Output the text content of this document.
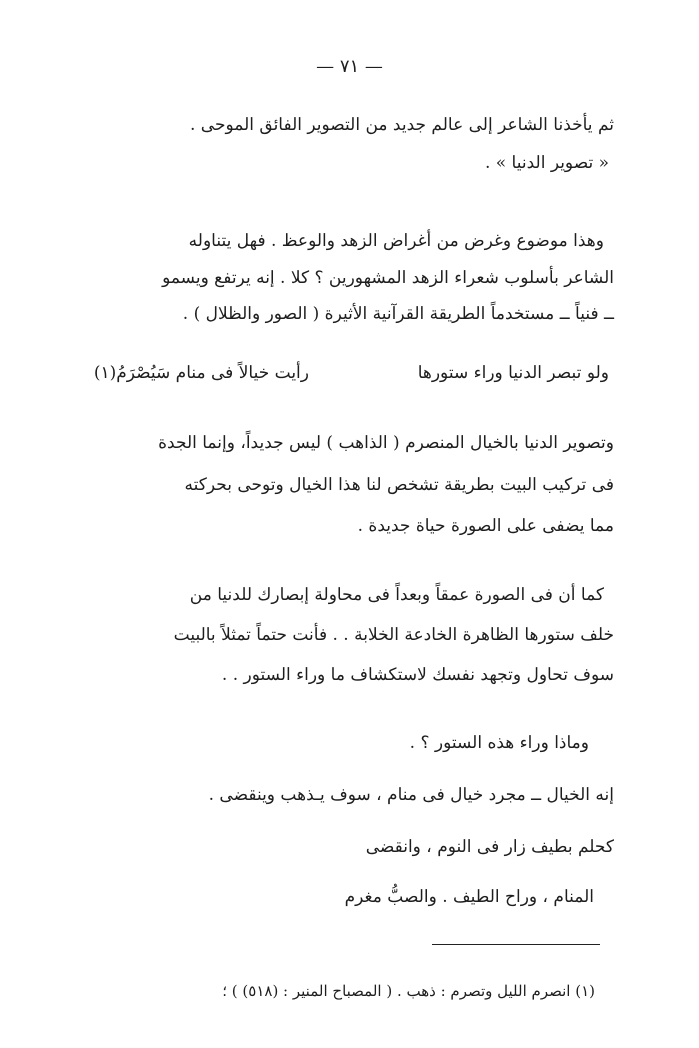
— ٧١ —
ثم يأخذنا الشاعر إلى عالم جديد من التصوير الفائق الموحى .
« تصوير الدنيا » .
وهذا موضوع وغرض من أغراض الزهد والوعظ . فهل يتناوله
الشاعر بأسلوب شعراء الزهد المشهورين ؟ كلا . إنه يرتفع ويسمو
ــ فنياً ــ مستخدماً الطريقة القرآنية الأثيرة ( الصور والظلال ) .
ولو تبصر الدنيا وراء ستورها
رأيت خيالاً فى منام سَيُصْرَمُ(١)
وتصوير الدنيا بالخيال المنصرم ( الذاهب ) ليس جديداً، وإنما الجدة
فى تركيب البيت بطريقة تشخص لنا هذا الخيال وتوحى بحركته
مما يضفى على الصورة حياة جديدة .
كما أن فى الصورة عمقاً وبعداً فى محاولة إبصارك للدنيا من
خلف ستورها الظاهرة الخادعة الخلابة . . فأنت حتماً تمثلاً بالبيت
سوف تحاول وتجهد نفسك لاستكشاف ما وراء الستور . .
وماذا وراء هذه الستور ؟ .
إنه الخيال ــ مجرد خيال فى منام ، سوف يـذهب وينقضى .
كحلم بطيف زار فى النوم ، وانقضى
المنام ، وراح الطيف . والصبُّ مغرم
(١) انصرم الليل وتصرم : ذهب . ( المصباح المنير : (٥١٨) ) ؛
